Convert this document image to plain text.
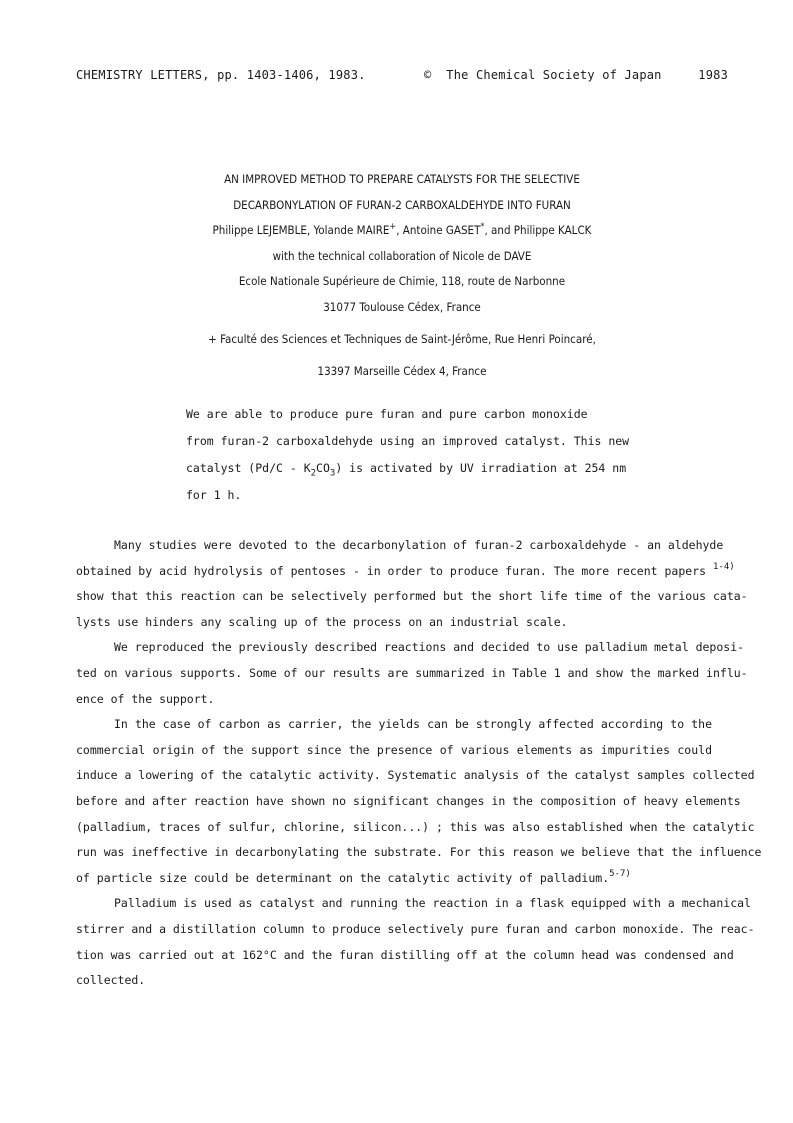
CHEMISTRY LETTERS, pp. 1403-1406, 1983.	©  The Chemical Society of Japan	1983
AN IMPROVED METHOD TO PREPARE CATALYSTS FOR THE SELECTIVE
DECARBONYLATION OF FURAN-2 CARBOXALDEHYDE INTO FURAN
Philippe LEJEMBLE, Yolande MAIRE+, Antoine GASET*, and Philippe KALCK
with the technical collaboration of Nicole de DAVE
Ecole Nationale Supérieure de Chimie, 118, route de Narbonne
31077 Toulouse Cédex, France
+ Faculté des Sciences et Techniques de Saint-Jérôme, Rue Henri Poincaré,
13397 Marseille Cédex 4, France
We are able to produce pure furan and pure carbon monoxide
from furan-2 carboxaldehyde using an improved catalyst. This new
catalyst $(Pd/C - K_2CO_3)$ is activated by UV irradiation at 254 nm
for 1 h.
Many studies were devoted to the decarbonylation of furan-2 carboxaldehyde - an aldehyde
obtained by acid hydrolysis of pentoses - in order to produce furan. The more recent papers $^{1-4)}$
show that this reaction can be selectively performed but the short life time of the various cata-
lysts use hinders any scaling up of the process on an industrial scale.
We reproduced the previously described reactions and decided to use palladium metal deposi-
ted on various supports. Some of our results are summarized in Table 1 and show the marked influ-
ence of the support.
In the case of carbon as carrier, the yields can be strongly affected according to the
commercial origin of the support since the presence of various elements as impurities could
induce a lowering of the catalytic activity. Systematic analysis of the catalyst samples collected
before and after reaction have shown no significant changes in the composition of heavy elements
(palladium, traces of sulfur, chlorine, silicon...) ; this was also established when the catalytic
run was ineffective in decarbonylating the substrate. For this reason we believe that the influence
of particle size could be determinant on the catalytic activity of palladium.$^{5-7)}$
Palladium is used as catalyst and running the reaction in a flask equipped with a mechanical
stirrer and a distillation column to produce selectively pure furan and carbon monoxide. The reac-
tion was carried out at 162°C and the furan distilling off at the column head was condensed and
collected.
